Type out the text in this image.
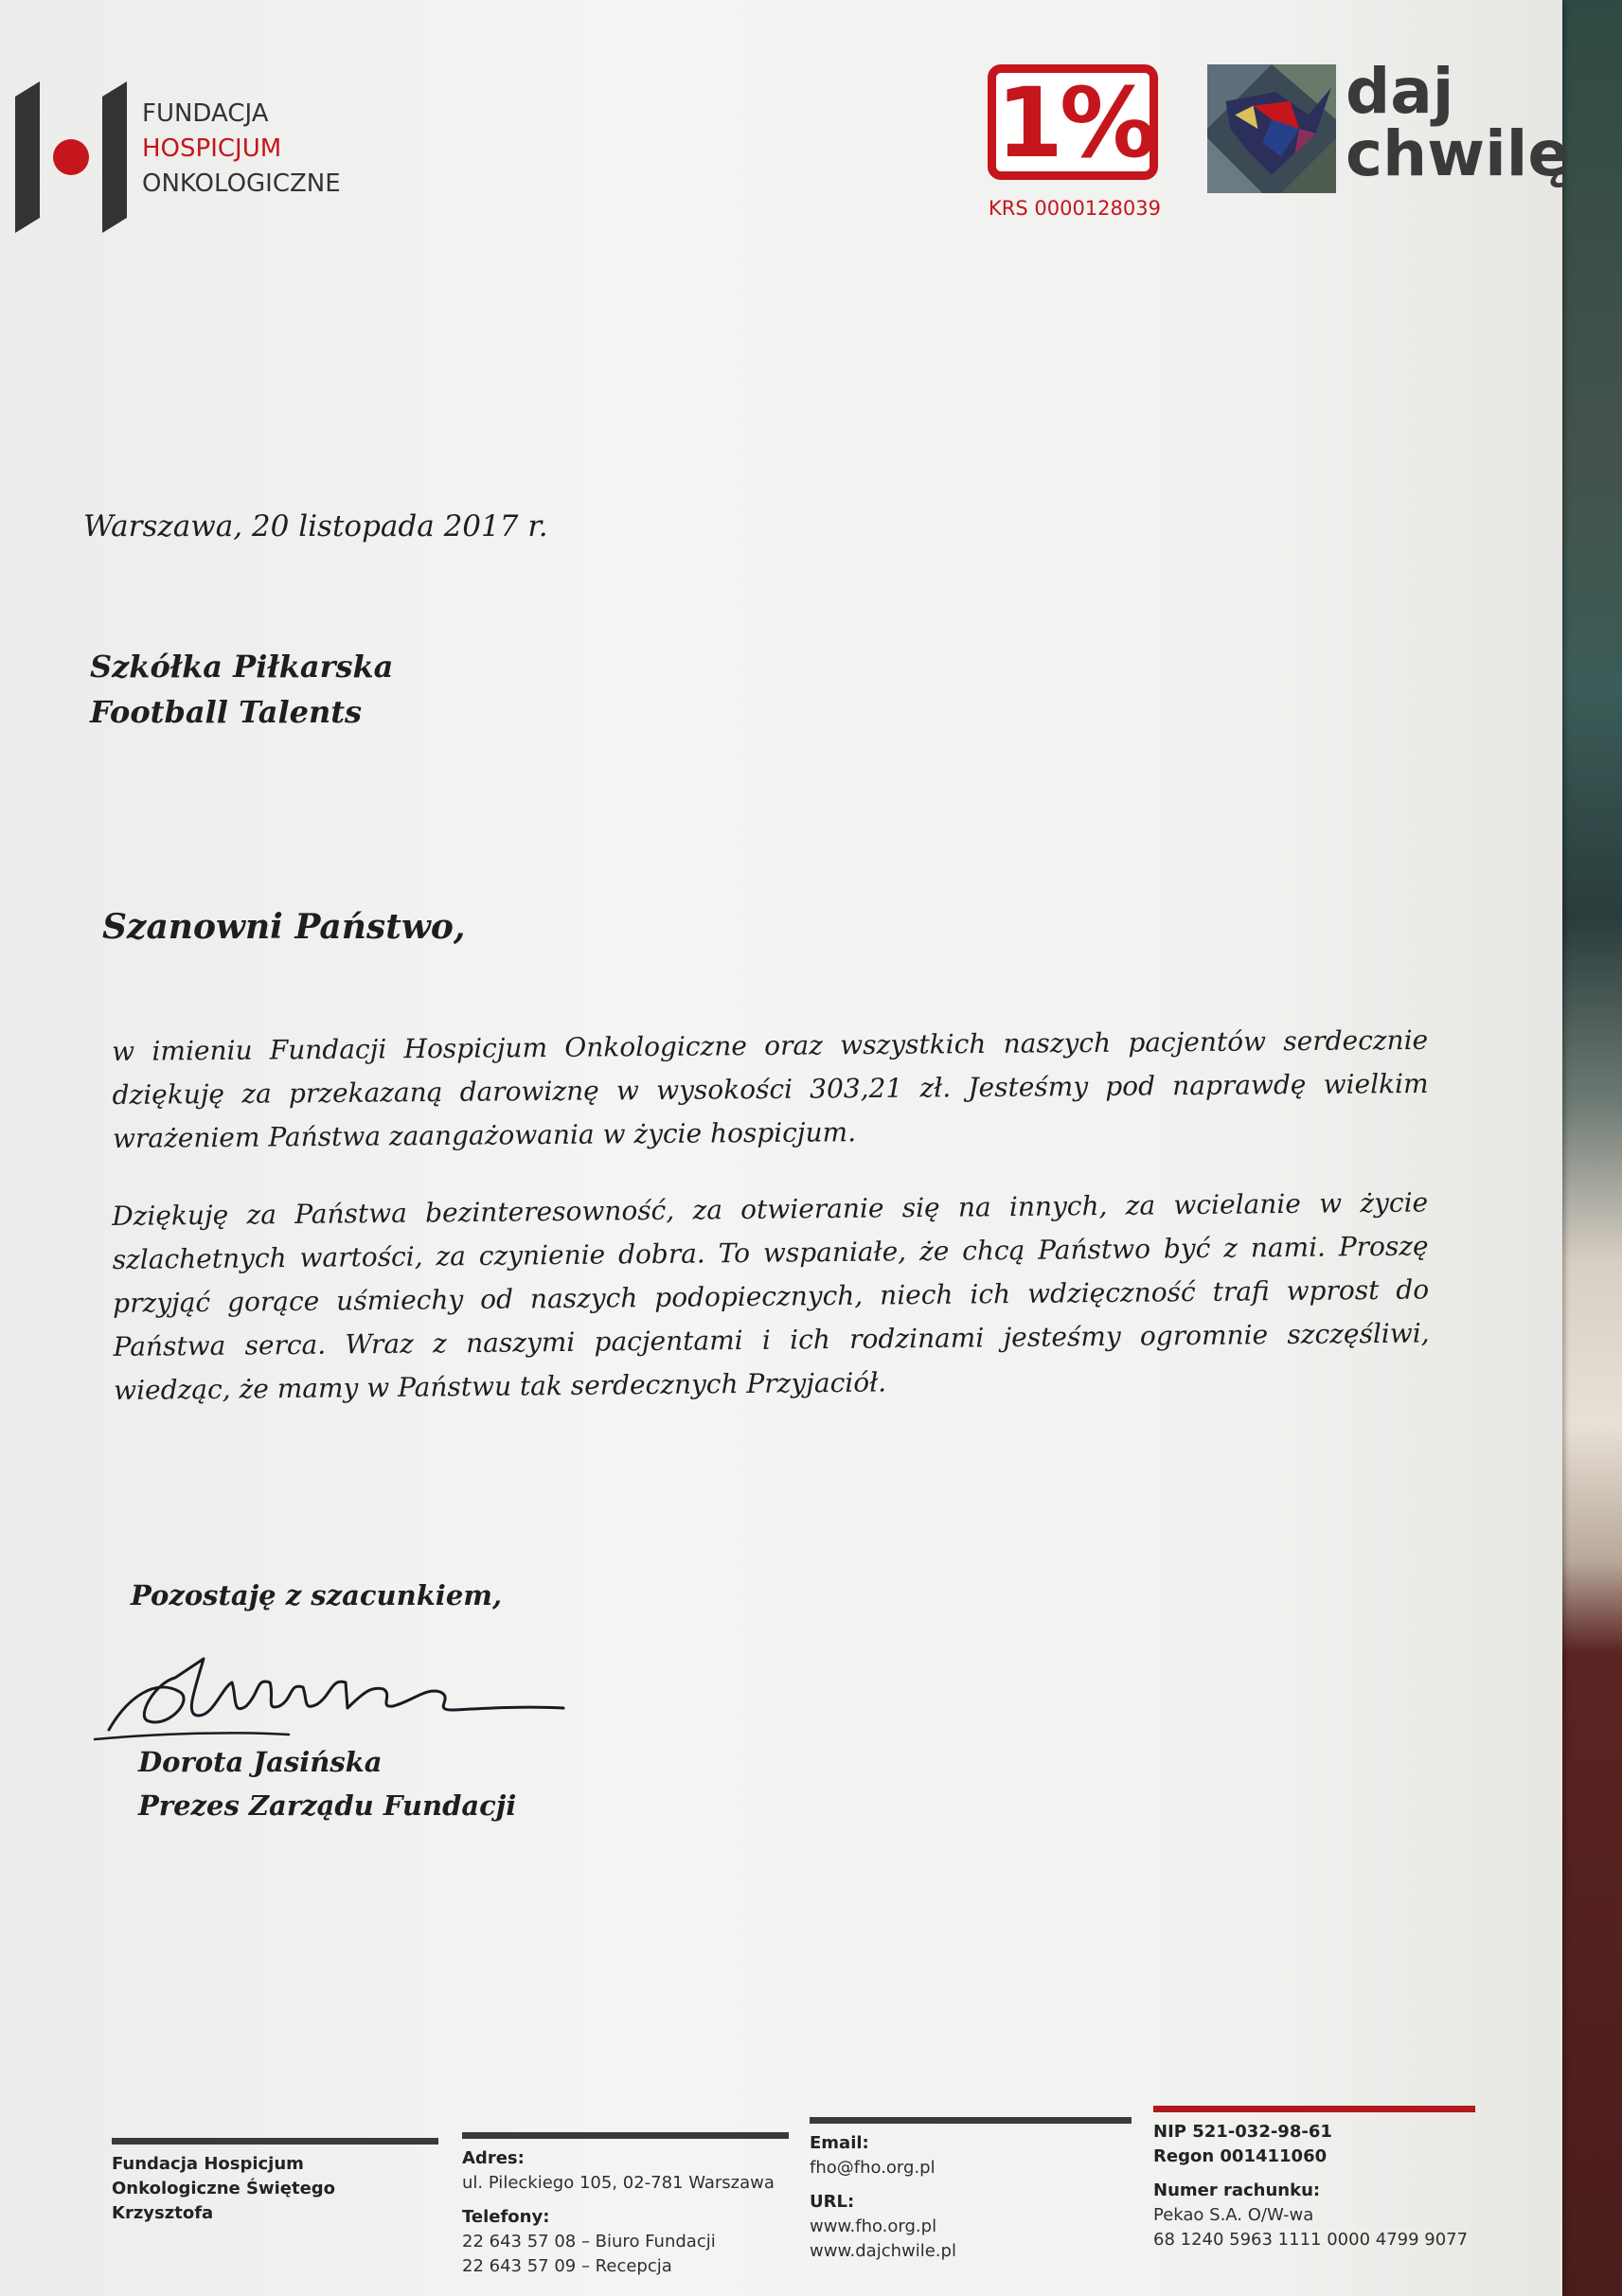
FUNDACJA
HOSPICJUM
ONKOLOGICZNE
1%
KRS 0000128039
daj
chwilę

Warszawa, 20 listopada 2017 r.

Szkółka Piłkarska
Football Talents

Szanowni Państwo,

w imieniu Fundacji Hospicjum Onkologiczne oraz wszystkich naszych pacjentów serdecznie dziękuję za przekazaną darowiznę w wysokości 303,21 zł. Jesteśmy pod naprawdę wielkim wrażeniem Państwa zaangażowania w życie hospicjum.

Dziękuję za Państwa bezinteresowność, za otwieranie się na innych, za wcielanie w życie szlachetnych wartości, za czynienie dobra. To wspaniałe, że chcą Państwo być z nami. Proszę przyjąć gorące uśmiechy od naszych podopiecznych, niech ich wdzięczność trafi wprost do Państwa serca. Wraz z naszymi pacjentami i ich rodzinami jesteśmy ogromnie szczęśliwi, wiedząc, że mamy w Państwu tak serdecznych Przyjaciół.

Pozostaję z szacunkiem,

Dorota Jasińska
Prezes Zarządu Fundacji
Fundacja Hospicjum
Onkologiczne Świętego
Krzysztofa
Adres:
ul. Pileckiego 105, 02-781 Warszawa
Telefony:
22 643 57 08 – Biuro Fundacji
22 643 57 09 – Recepcja
Email:
fho@fho.org.pl
URL:
www.fho.org.pl
www.dajchwile.pl
NIP 521-032-98-61
Regon 001411060
Numer rachunku:
Pekao S.A. O/W-wa
68 1240 5963 1111 0000 4799 9077
